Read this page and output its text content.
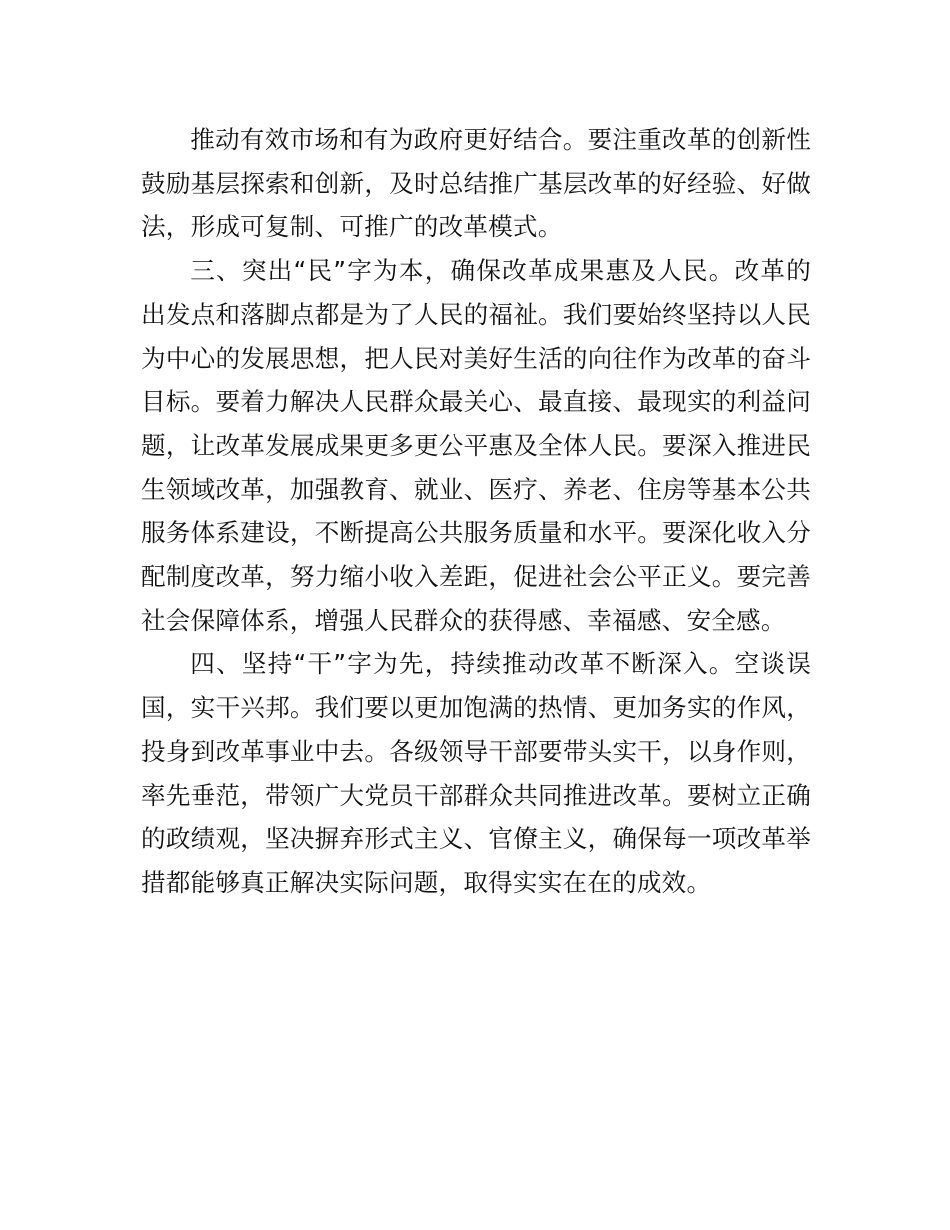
推动有效市场和有为政府更好结合。要注重改革的创新性鼓励基层探索和创新，及时总结推广基层改革的好经验、好做法，形成可复制、可推广的改革模式。

三、突出“民”字为本，确保改革成果惠及人民。改革的出发点和落脚点都是为了人民的福祉。我们要始终坚持以人民为中心的发展思想，把人民对美好生活的向往作为改革的奋斗目标。要着力解决人民群众最关心、最直接、最现实的利益问题，让改革发展成果更多更公平惠及全体人民。要深入推进民生领域改革，加强教育、就业、医疗、养老、住房等基本公共服务体系建设，不断提高公共服务质量和水平。要深化收入分配制度改革，努力缩小收入差距，促进社会公平正义。要完善社会保障体系，增强人民群众的获得感、幸福感、安全感。

四、坚持“干”字为先，持续推动改革不断深入。空谈误国，实干兴邦。我们要以更加饱满的热情、更加务实的作风，投身到改革事业中去。各级领导干部要带头实干，以身作则，率先垂范，带领广大党员干部群众共同推进改革。要树立正确的政绩观，坚决摒弃形式主义、官僚主义，确保每一项改革举措都能够真正解决实际问题，取得实实在在的成效。
